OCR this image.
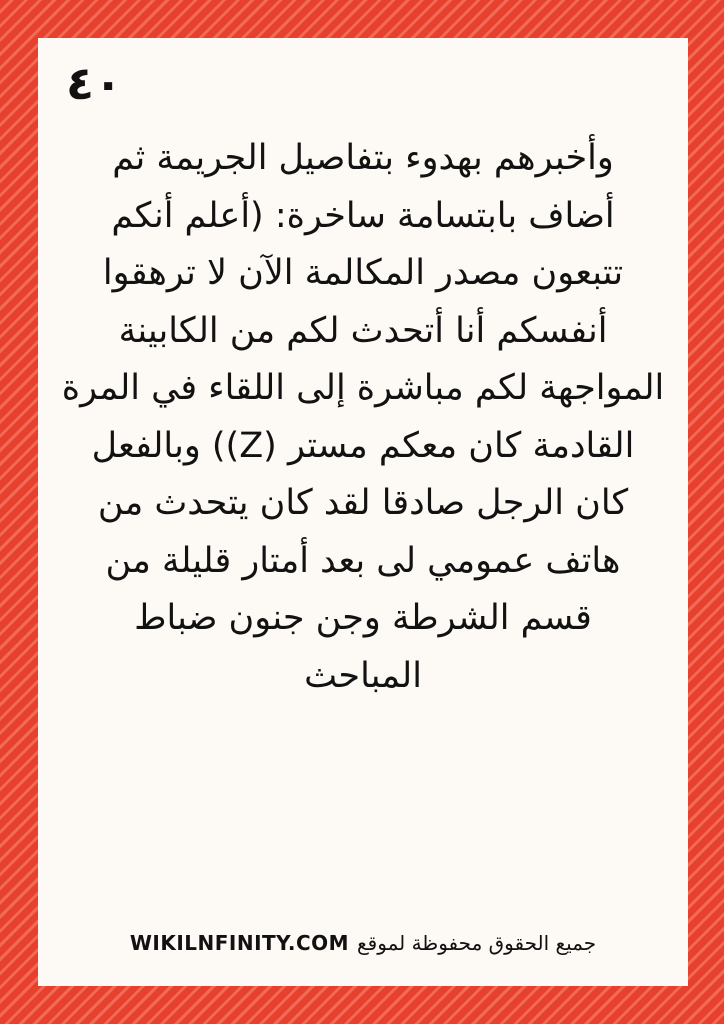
٤٠
وأخبرهم بهدوء بتفاصيل الجريمة ثم
أضاف بابتسامة ساخرة: (أعلم أنكم
تتبعون مصدر المكالمة الآن لا ترهقوا
أنفسكم أنا أتحدث لكم من الكابينة
المواجهة لكم مباشرة إلى اللقاء في المرة
القادمة كان معكم مستر (Z)) وبالفعل
كان الرجل صادقا لقد كان يتحدث من
هاتف عمومي لى بعد أمتار قليلة من
قسم الشرطة وجن جنون ضباط
المباحث
WIKILNFINITY.COM جميع الحقوق محفوظة لموقع
